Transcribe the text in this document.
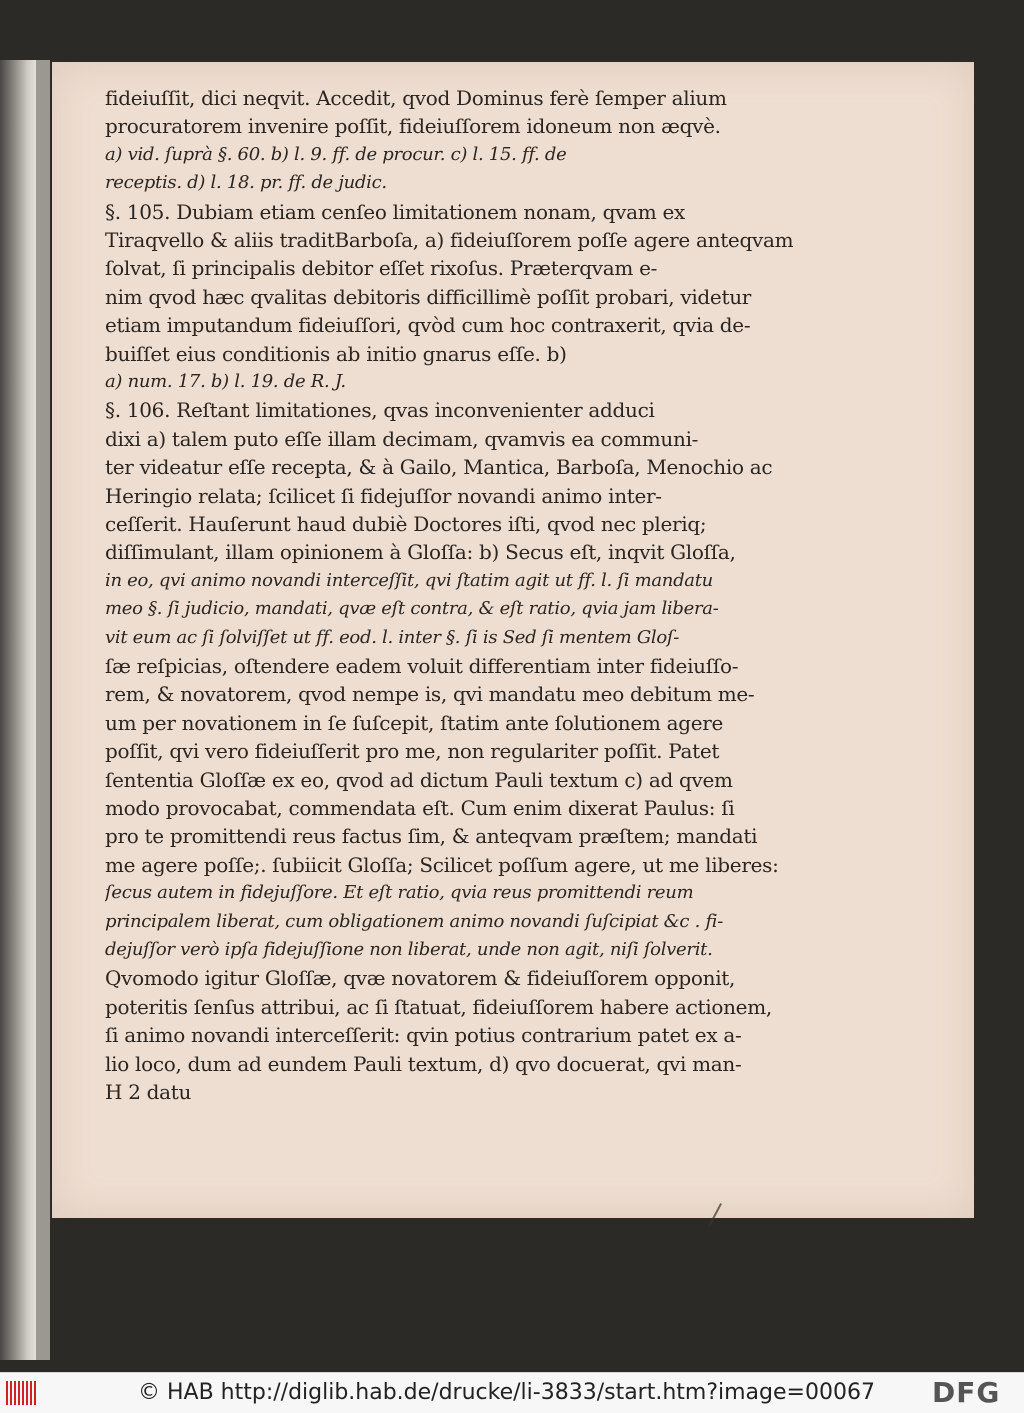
fideiuſſit, dici neqvit. Accedit, qvod Dominus ferè ſemper alium
procuratorem invenire poſſit, fideiuſſorem idoneum non æqvè.
a) vid. ſuprà §. 60. b) l. 9. ff. de procur. c) l. 15. ff. de
receptis. d) l. 18. pr. ff. de judic.
§. 105. Dubiam etiam cenſeo limitationem nonam, qvam ex
Tiraqvello & aliis traditBarboſa, a) fideiuſſorem poſſe agere anteqvam
ſolvat, ſi principalis debitor eſſet rixoſus. Præterqvam e-
nim qvod hæc qvalitas debitoris difficillimè poſſit probari, videtur
etiam imputandum fideiuſſori, qvòd cum hoc contraxerit, qvia de-
buiſſet eius conditionis ab initio gnarus eſſe. b)
a) num. 17. b) l. 19. de R. J.
§. 106. Reſtant limitationes, qvas inconvenienter adduci
dixi a) talem puto eſſe illam decimam, qvamvis ea communi-
ter videatur eſſe recepta, & à Gailo, Mantica, Barboſa, Menochio ac
Heringio relata; ſcilicet ſi fidejuſſor novandi animo inter-
ceſſerit. Hauſerunt haud dubiè Doctores iſti, qvod nec pleriq;
diſſimulant, illam opinionem à Gloſſa: b) Secus eſt, inqvit Gloſſa,
in eo, qvi animo novandi interceſſit, qvi ſtatim agit ut ff. l. ſi mandatu
meo §. ſi judicio, mandati, qvæ eſt contra, & eſt ratio, qvia jam libera-
vit eum ac ſi ſolviſſet ut ff. eod. l. inter §. ſi is Sed ſi mentem Gloſ-
ſæ reſpicias, oſtendere eadem voluit differentiam inter fideiuſſo-
rem, & novatorem, qvod nempe is, qvi mandatu meo debitum me-
um per novationem in ſe ſuſcepit, ſtatim ante ſolutionem agere
poſſit, qvi vero fideiuſſerit pro me, non regulariter poſſit. Patet
ſententia Gloſſæ ex eo, qvod ad dictum Pauli textum c) ad qvem
modo provocabat, commendata eſt. Cum enim dixerat Paulus: ſi
pro te promittendi reus factus ſim, & anteqvam præſtem; mandati
me agere poſſe;. ſubiicit Gloſſa; Scilicet poſſum agere, ut me liberes:
ſecus autem in fidejuſſore. Et eſt ratio, qvia reus promittendi reum
principalem liberat, cum obligationem animo novandi ſuſcipiat &c . fi-
dejuſſor verò ipſa fidejuſſione non liberat, unde non agit, niſi ſolverit.
Qvomodo igitur Gloſſæ, qvæ novatorem & fideiuſſorem opponit,
poteritis ſenſus attribui, ac ſi ſtatuat, fideiuſſorem habere actionem,
ſi animo novandi interceſſerit: qvin potius contrarium patet ex a-
lio loco, dum ad eundem Pauli textum, d) qvo docuerat, qvi man-
H 2 datu
© HAB http://diglib.hab.de/drucke/li-3833/start.htm?image=00067 DFG
